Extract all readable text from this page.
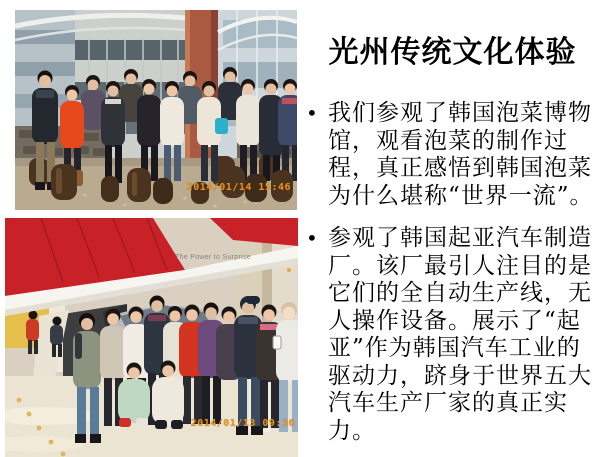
2014/01/14 15:46
The Power to Surprise
2014/01/13 09:36
光州传统文化体验
• 我们参观了韩国泡菜博物馆，观看泡菜的制作过程，真正感悟到韩国泡菜为什么堪称“世界一流”。
• 参观了韩国起亚汽车制造厂。该厂最引人注目的是它们的全自动生产线，无人操作设备。展示了“起亚”作为韩国汽车工业的驱动力，跻身于世界五大汽车生产厂家的真正实力。
